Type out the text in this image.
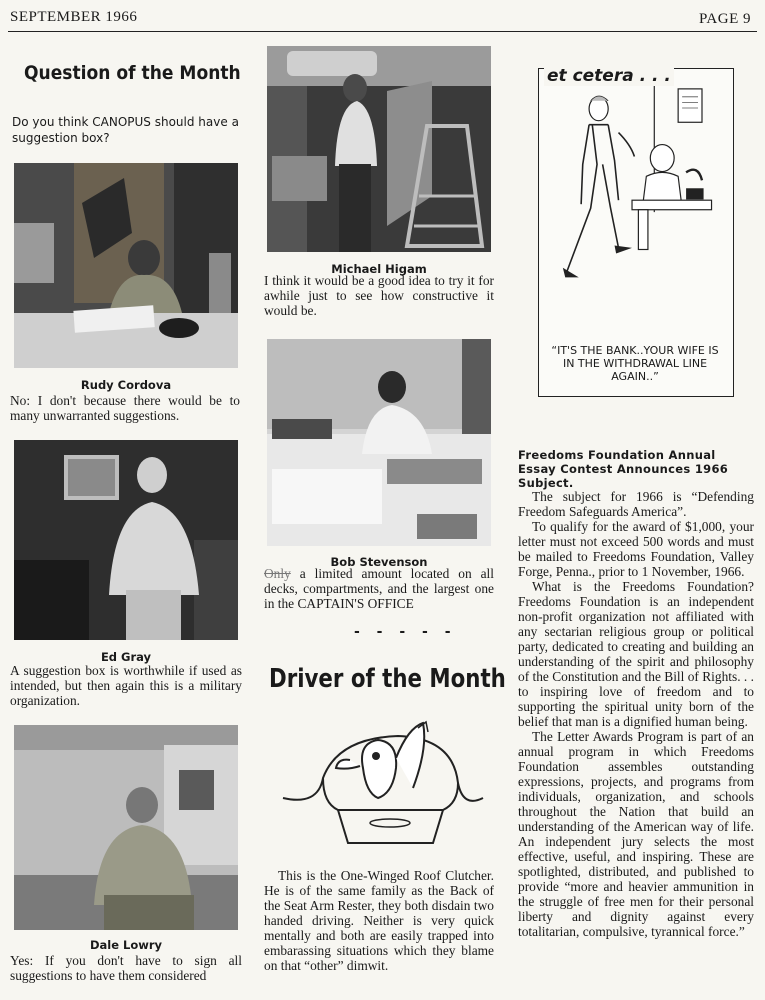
SEPTEMBER 1966	PAGE 9
Question of the Month
Do you think CANOPUS should have a suggestion box?
Rudy Cordova
No: I don't because there would be to many unwarranted suggestions.
Ed Gray
A suggestion box is worthwhile if used as intended, but then again this is a military organization.
Dale Lowry
Yes: If you don't have to sign all suggestions to have them considered
Michael Higam
I think it would be a good idea to try it for awhile just to see how constructive it would be.
Bob Stevenson
Only a limited amount located on all decks, compartments, and the largest one in the CAPTAIN'S OFFICE
- - - - -
Driver of the Month

This is the One-Winged Roof Clutcher. He is of the same family as the Back of the Seat Arm Rester, they both disdain two handed driving. Neither is very quick mentally and both are easily trapped into embarassing situations which they blame on that “other” dimwit.

et cetera . . .
“IT'S THE BANK..YOUR WIFE IS IN THE WITHDRAWAL LINE AGAIN..”
Freedoms Foundation Annual Essay Contest Announces 1966 Subject.

The subject for 1966 is “Defending Freedom Safeguards America”.

To qualify for the award of $1,000, your letter must not exceed 500 words and must be mailed to Freedoms Foundation, Valley Forge, Penna., prior to 1 November, 1966.

What is the Freedoms Foundation? Freedoms Foundation is an independent non-profit organization not affiliated with any sectarian religious group or political party, dedicated to creating and building an understanding of the spirit and philosophy of the Constitution and the Bill of Rights. . . to inspiring love of freedom and to supporting the spiritual unity born of the belief that man is a dignified human being.

The Letter Awards Program is part of an annual program in which Freedoms Foundation assembles outstanding expressions, projects, and programs from individuals, organization, and schools throughout the Nation that build an understanding of the American way of life. An independent jury selects the most effective, useful, and inspiring. These are spotlighted, distributed, and published to provide “more and heavier ammunition in the struggle of free men for their personal liberty and dignity against every totalitarian, compulsive, tyrannical force.”
